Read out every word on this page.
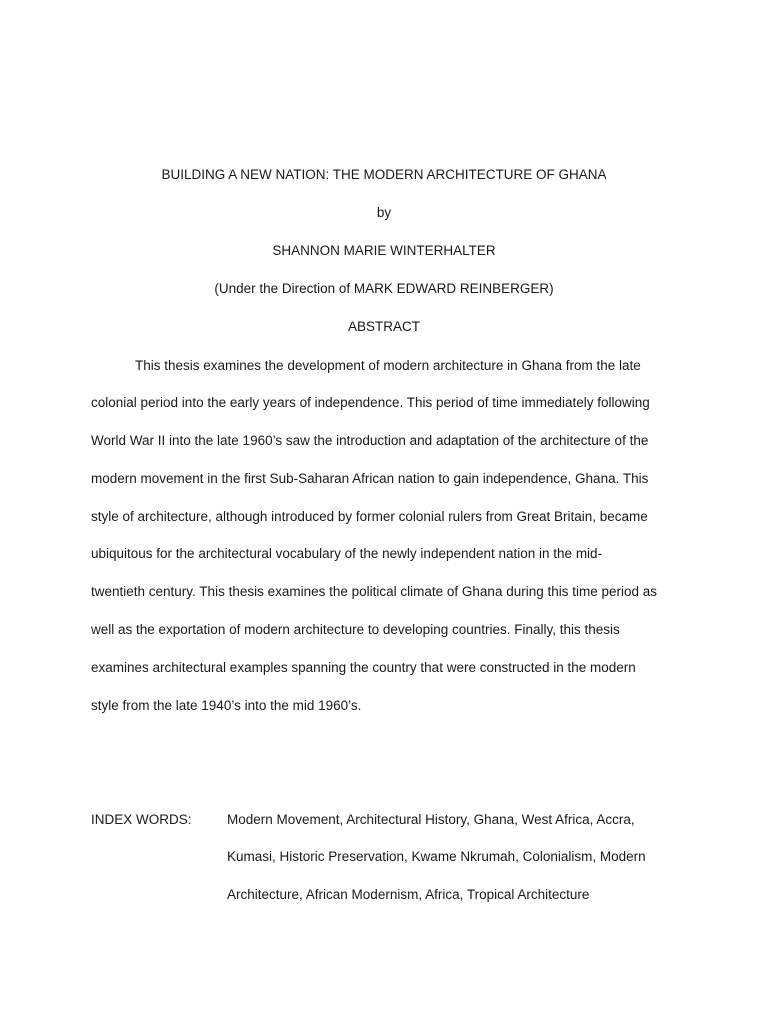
BUILDING A NEW NATION: THE MODERN ARCHITECTURE OF GHANA
by
SHANNON MARIE WINTERHALTER
(Under the Direction of MARK EDWARD REINBERGER)
ABSTRACT
This thesis examines the development of modern architecture in Ghana from the late
colonial period into the early years of independence. This period of time immediately following
World War II into the late 1960’s saw the introduction and adaptation of the architecture of the
modern movement in the first Sub-Saharan African nation to gain independence, Ghana. This
style of architecture, although introduced by former colonial rulers from Great Britain, became
ubiquitous for the architectural vocabulary of the newly independent nation in the mid-
twentieth century. This thesis examines the political climate of Ghana during this time period as
well as the exportation of modern architecture to developing countries. Finally, this thesis
examines architectural examples spanning the country that were constructed in the modern
style from the late 1940’s into the mid 1960’s.
INDEX WORDS:	Modern Movement, Architectural History, Ghana, West Africa, Accra,
Kumasi, Historic Preservation, Kwame Nkrumah, Colonialism, Modern
Architecture, African Modernism, Africa, Tropical Architecture
